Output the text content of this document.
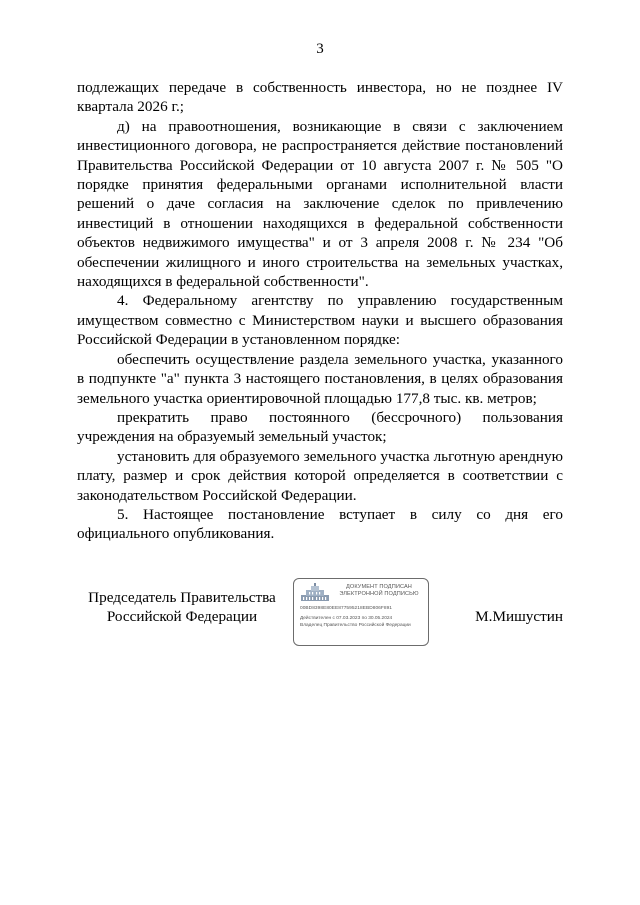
3

подлежащих передаче в собственность инвестора, но не позднее IV квартала 2026 г.;

д) на правоотношения, возникающие в связи с заключением инвестиционного договора, не распространяется действие постановлений Правительства Российской Федерации от 10 августа 2007 г. № 505 "О порядке принятия федеральными органами исполнительной власти решений о даче согласия на заключение сделок по привлечению инвестиций в отношении находящихся в федеральной собственности объектов недвижимого имущества" и от 3 апреля 2008 г. № 234 "Об обеспечении жилищного и иного строительства на земельных участках, находящихся в федеральной собственности".

4. Федеральному агентству по управлению государственным имуществом совместно с Министерством науки и высшего образования Российской Федерации в установленном порядке:

обеспечить осуществление раздела земельного участка, указанного в подпункте "а" пункта 3 настоящего постановления, в целях образования земельного участка ориентировочной площадью 177,8 тыс. кв. метров;

прекратить право постоянного (бессрочного) пользования учреждения на образуемый земельный участок;

установить для образуемого земельного участка льготную арендную плату, размер и срок действия которой определяется в соответствии с законодательством Российской Федерации.

5. Настоящее постановление вступает в силу со дня его официального опубликования.

Председатель Правительства
Российской Федерации
ДОКУМЕНТ ПОДПИСАН
ЭЛЕКТРОННОЙ ПОДПИСЬЮ
00BD8398E80EE877595218EBD806F891
Действителен с 07.03.2023 по 30.05.2024
Владелец Правительство Российской Федерации
М.Мишустин
